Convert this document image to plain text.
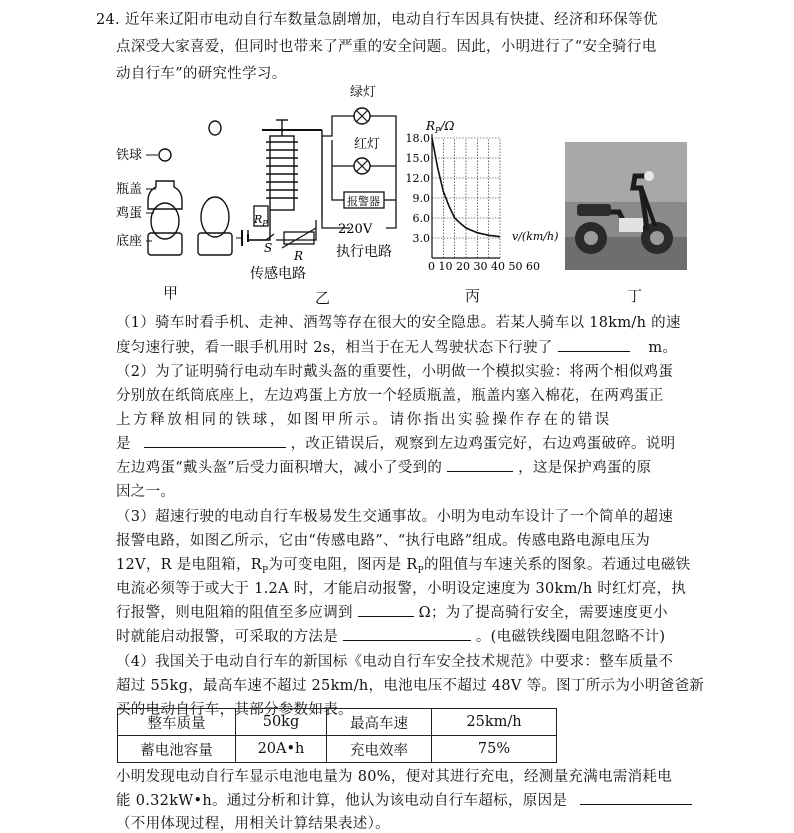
24. 近年来辽阳市电动自行车数量急剧增加，电动自行车因具有快捷、经济和环保等优
点深受大家喜爱，但同时也带来了严重的安全问题。因此，小明进行了“安全骑行电
动自行车”的研究性学习。
铁球
瓶盖
鸡蛋
底座
甲
$R_P$
S
R
传感电路
绿灯
红灯
报警器
220V
执行电路
乙
$R_P/\Omega$
18.0
15.0
12.0
9.0
6.0
3.0	v/(km/h)
0 10 20 30 40 50 60
丙	丁
（1）骑车时看手机、走神、酒驾等存在很大的安全隐患。若某人骑车以 18km/h 的速
度匀速行驶，看一眼手机用时 2s，相当于在无人驾驶状态下行驶了	m。
（2）为了证明骑行电动车时戴头盔的重要性，小明做一个模拟实验：将两个相似鸡蛋
分别放在纸筒底座上，左边鸡蛋上方放一个轻质瓶盖，瓶盖内塞入棉花，在两鸡蛋正
上方释放相同的铁球，如图甲所示。请你指出实验操作存在的错误
是	，改正错误后，观察到左边鸡蛋完好，右边鸡蛋破碎。说明
左边鸡蛋“戴头盔”后受力面积增大，减小了受到的	，这是保护鸡蛋的原
因之一。
（3）超速行驶的电动自行车极易发生交通事故。小明为电动车设计了一个简单的超速
报警电路，如图乙所示，它由“传感电路”、“执行电路”组成。传感电路电源电压为
12V，R 是电阻箱，$R_P$为可变电阻，图丙是 $R_P$的阻值与车速关系的图象。若通过电磁铁
电流必须等于或大于 1.2A 时，才能启动报警，小明设定速度为 30km/h 时红灯亮，执
行报警，则电阻箱的阻值至多应调到	Ω；为了提高骑行安全，需要速度更小
时就能启动报警，可采取的方法是	。(电磁铁线圈电阻忽略不计)
（4）我国关于电动自行车的新国标《电动自行车安全技术规范》中要求：整车质量不
超过 55kg，最高车速不超过 25km/h，电池电压不超过 48V 等。图丁所示为小明爸爸新
买的电动自行车，其部分参数如表。
整车质量	50kg	最高车速	25km/h
蓄电池容量	20A•h	充电效率	75%
小明发现电动自行车显示电池电量为 80%，便对其进行充电，经测量充满电需消耗电
能 0.32kW•h。通过分析和计算，他认为该电动自行车超标，原因是
（不用体现过程，用相关计算结果表述）。
